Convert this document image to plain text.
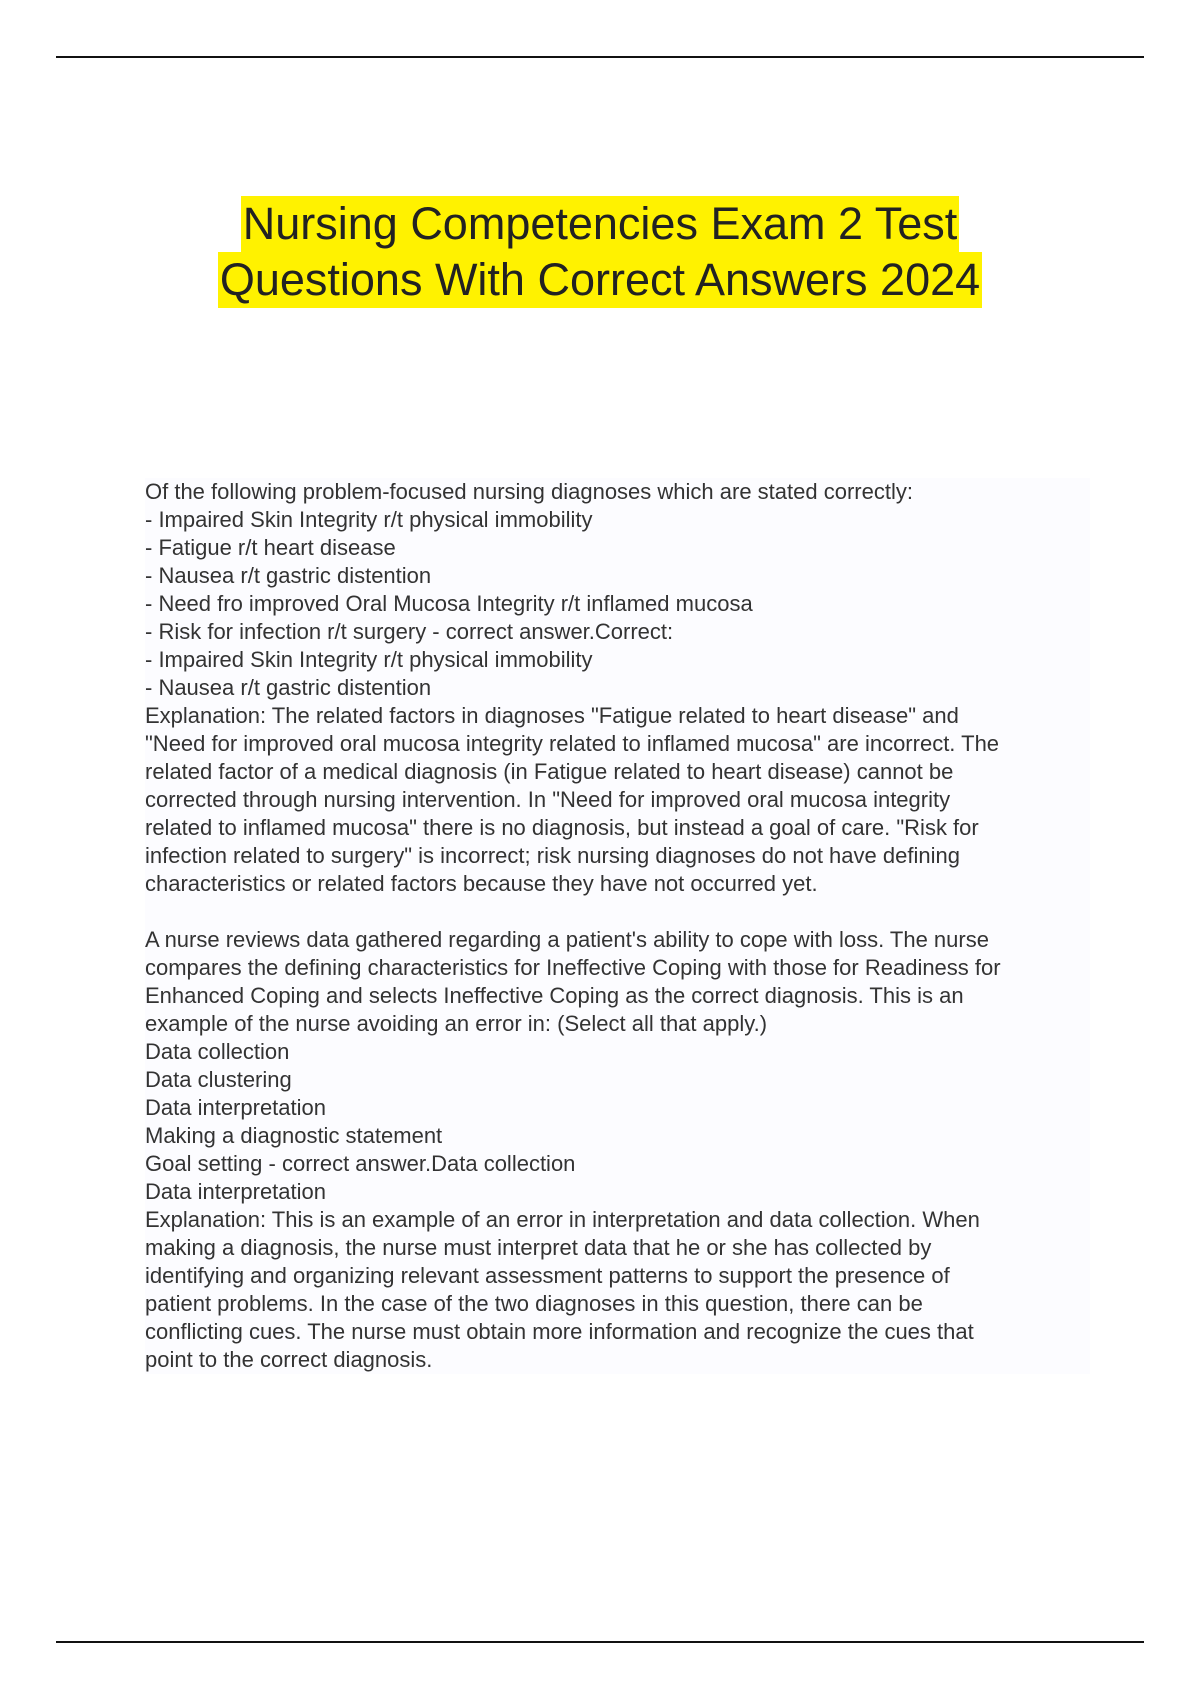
Nursing Competencies Exam 2 Test
Questions With Correct Answers 2024
Of the following problem-focused nursing diagnoses which are stated correctly:
- Impaired Skin Integrity r/t physical immobility
- Fatigue r/t heart disease
- Nausea r/t gastric distention
- Need fro improved Oral Mucosa Integrity r/t inflamed mucosa
- Risk for infection r/t surgery - correct answer.Correct:
- Impaired Skin Integrity r/t physical immobility
- Nausea r/t gastric distention
Explanation: The related factors in diagnoses "Fatigue related to heart disease" and
"Need for improved oral mucosa integrity related to inflamed mucosa" are incorrect. The
related factor of a medical diagnosis (in Fatigue related to heart disease) cannot be
corrected through nursing intervention. In "Need for improved oral mucosa integrity
related to inflamed mucosa" there is no diagnosis, but instead a goal of care. "Risk for
infection related to surgery" is incorrect; risk nursing diagnoses do not have defining
characteristics or related factors because they have not occurred yet.
A nurse reviews data gathered regarding a patient's ability to cope with loss. The nurse
compares the defining characteristics for Ineffective Coping with those for Readiness for
Enhanced Coping and selects Ineffective Coping as the correct diagnosis. This is an
example of the nurse avoiding an error in: (Select all that apply.)
Data collection
Data clustering
Data interpretation
Making a diagnostic statement
Goal setting - correct answer.Data collection
Data interpretation
Explanation: This is an example of an error in interpretation and data collection. When
making a diagnosis, the nurse must interpret data that he or she has collected by
identifying and organizing relevant assessment patterns to support the presence of
patient problems. In the case of the two diagnoses in this question, there can be
conflicting cues. The nurse must obtain more information and recognize the cues that
point to the correct diagnosis.
